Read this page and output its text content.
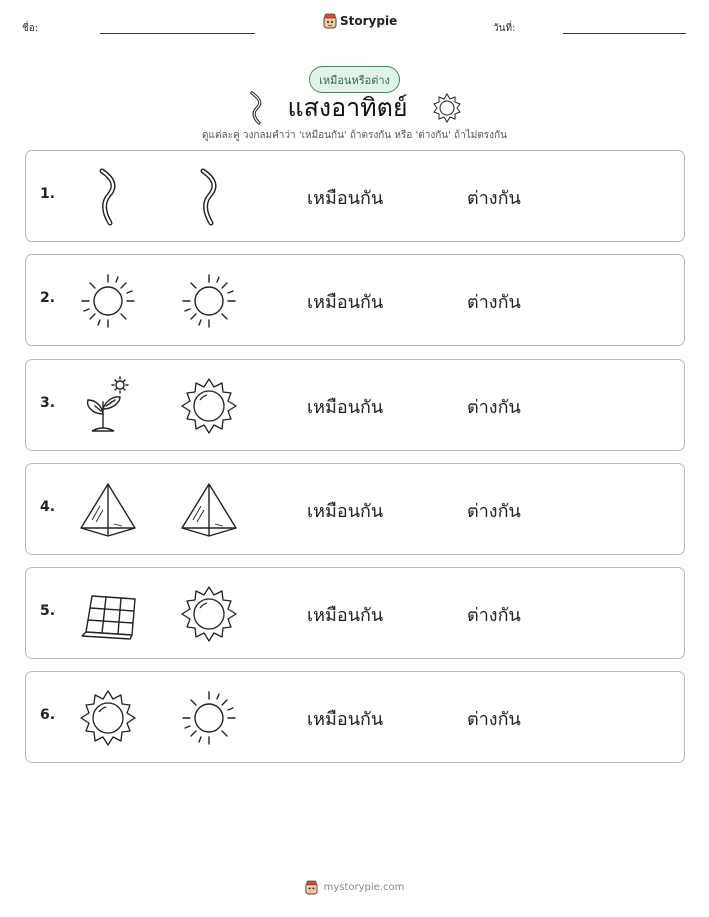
ชื่อ:
Storypie
วันที่:
เหมือนหรือต่าง
แสงอาทิตย์
ดูแต่ละคู่ วงกลมคำว่า 'เหมือนกัน' ถ้าตรงกัน หรือ 'ต่างกัน' ถ้าไม่ตรงกัน
1.	เหมือนกัน	ต่างกัน
2.	เหมือนกัน	ต่างกัน
3.	เหมือนกัน	ต่างกัน
4.	เหมือนกัน	ต่างกัน
5.	เหมือนกัน	ต่างกัน
6.	เหมือนกัน	ต่างกัน
mystorypie.com
